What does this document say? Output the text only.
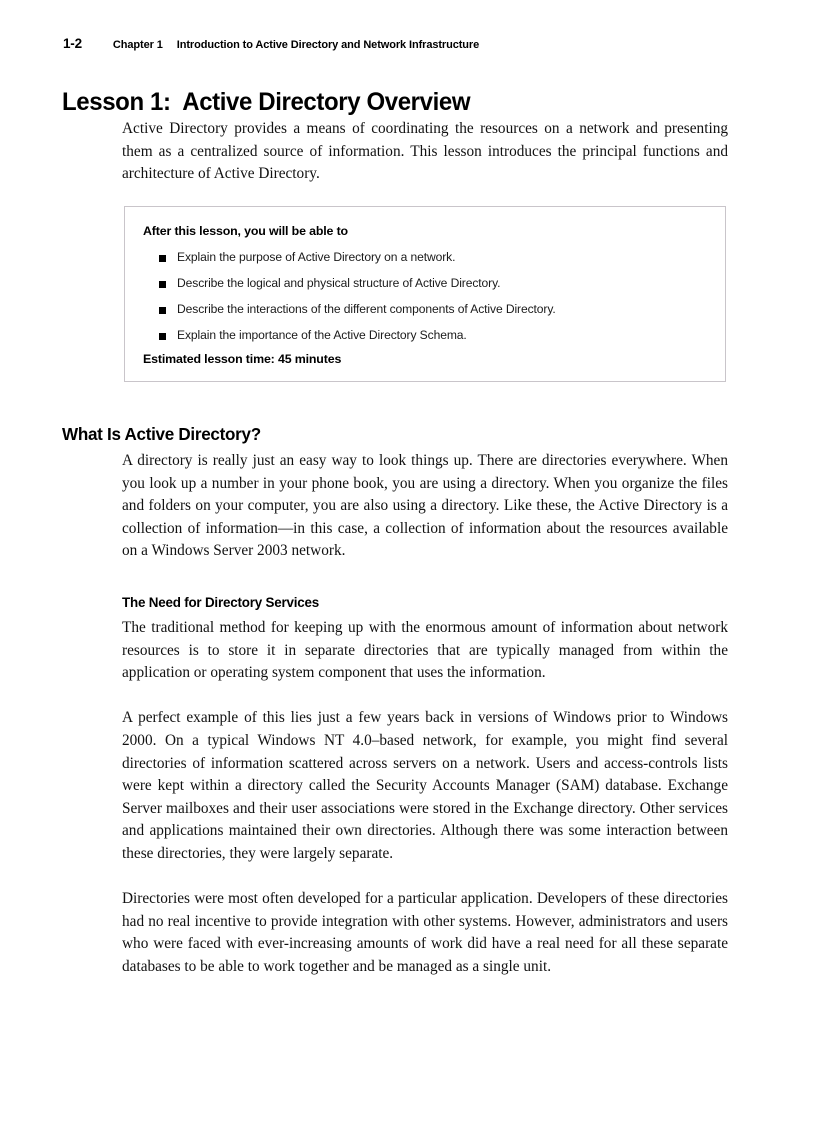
1-2	Chapter 1 Introduction to Active Directory and Network Infrastructure
Lesson 1:  Active Directory Overview

Active Directory provides a means of coordinating the resources on a network and presenting them as a centralized source of information. This lesson introduces the principal functions and architecture of Active Directory.

After this lesson, you will be able to
Explain the purpose of Active Directory on a network.
Describe the logical and physical structure of Active Directory.
Describe the interactions of the different components of Active Directory.
Explain the importance of the Active Directory Schema.
Estimated lesson time: 45 minutes
What Is Active Directory?

A directory is really just an easy way to look things up. There are directories everywhere. When you look up a number in your phone book, you are using a directory. When you organize the files and folders on your computer, you are also using a directory. Like these, the Active Directory is a collection of information—in this case, a collection of information about the resources available on a Windows Server 2003 network.

The Need for Directory Services

The traditional method for keeping up with the enormous amount of information about network resources is to store it in separate directories that are typically managed from within the application or operating system component that uses the information.

A perfect example of this lies just a few years back in versions of Windows prior to Windows 2000. On a typical Windows NT 4.0–based network, for example, you might find several directories of information scattered across servers on a network. Users and access-controls lists were kept within a directory called the Security Accounts Manager (SAM) database. Exchange Server mailboxes and their user associations were stored in the Exchange directory. Other services and applications maintained their own directories. Although there was some interaction between these directories, they were largely separate.

Directories were most often developed for a particular application. Developers of these directories had no real incentive to provide integration with other systems. However, administrators and users who were faced with ever-increasing amounts of work did have a real need for all these separate databases to be able to work together and be managed as a single unit.
